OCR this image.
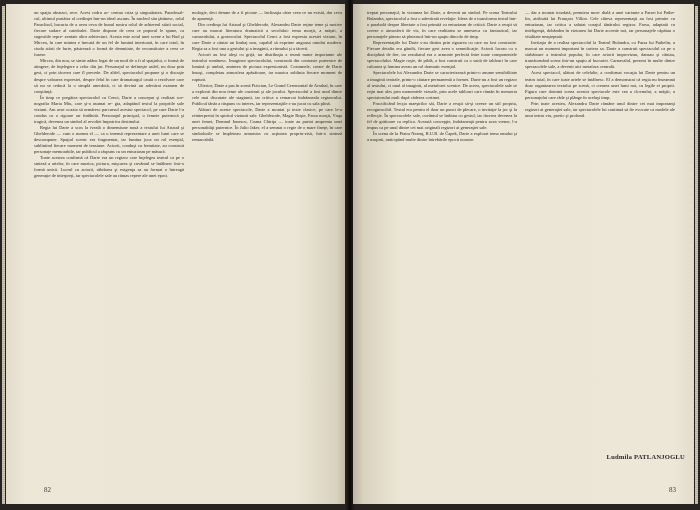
un spaţiu abstract, rece. Acest codru ac- centua criza şi singurătatea. Paradoxal- cul, ultimul purtător al credinţei într-un ideal ascuns. În nucleul său ţărănesc, rolul Paraclisul, bucuria de a avea ceva de bunul nostru rolul de arhiereul stării social, fiecare sudare al catedralei. Darie dispune de ceea ce poporul le spune, ca sugestiile repre- zentate altor arhitecturi. Acesta este actul unei scene a lui Bud şi Mircea, în care mintea e înecată de un fel de lumină interioară, în care totul, în ciuda stării de furie, păstrează o formă de demnitate, de reconstituire a ceea ce fusese.

Mircea, din nou, se simte adânc legat de un mod de a fi al spaţiului, o formă de atingere, de înţelegere a celor din jur. Personajul se defineşte astfel, nu doar prin gest, ci prin tăcerea care îl precede. De altfel, spectacolul propune şi o discuţie despre valoarea expresiei, despre felul în care dramaturgul caută o rezolvare care să nu se reducă la o simplă anecdotă, ci să devină un adevărat examen de conştiinţă.

În timp ce pregătea spectacolul cu Cenci, Darie a conceput şi realizat sce- nografia Maria Miu, care şi-a asumat re- gia, adaptând textul la propriile sale viziuni. Am avut ocazia să urmăresc parcursul acestui spectacol, pe care Darie l-a condus cu o rigoare rar întâlnită. Personajul principal, o femeie puternică şi tragică, devenea un simbol al revoltei împotriva destinului.

Regia lui Darie a scos la iveală o dimensiune nouă a textului lui Artaud şi Ghelderode — cum o numea el — ca o imensă reprezentare a unei lumi care se descompune. Spaţiul scenic era fragmentat, iar lumina juca un rol esenţial, subliniind fiecare moment de tensiune. Actorii, conduşi cu fermitate, au construit personaje memorabile, iar publicul a răspuns cu un entuziasm pe măsură.

Toate acestea confirmă că Darie era un regizor care înţelegea teatrul ca pe o sinteză a artelor, în care muzica, pictura, mişcarea şi cuvântul se întâlnesc într-o formă unică. Lucrul cu actorii, răbdarea şi exigenţa sa au format o întreagă generaţie de interpreţi, iar spectacolele sale au rămas repere ale unei epoci.

mologie, deci demne de a fi pictate — înclinaţia către ceea ce nu există, dar ceva de aparenţă.

Din credinţa lui Artaud şi Ghelderode, Alexandru Darie reţine teme şi motive care au marcat literatura dramatică a secolului: tema morţii, a măştii, a carnavalului, a grotescului. Spectacolul Cenci a fost expresia acestei viziuni, în care Darie a căutat un limbaj nou, capabil să exprime angoasa omului modern. Regia sa a fost una a gestului şi a imaginii, a ritmului şi a tăcerii.

Actorii au fost aleşi cu grijă, iar distribuţia a reunit nume importante ale teatrului românesc. Imaginea spectacolului, construită din contraste puternice de lumină şi umbră, amintea de pictura expresionistă. Costumele, create de Darie însuşi, completau atmosfera apăsătoare, iar muzica sublinia fiecare moment de ruptură.

Ulterior, Darie a pus în scenă Fizician, Le Grand Ceremonial de Arrabal, în care a explorat din nou teme ale cruzimii şi ale jocului. Spectacolul a fost unul dintre cele mai discutate ale stagiunii, iar critica a remarcat îndrăzneala regizorului. Publicul tânăr a răspuns cu interes, iar reprezentaţiile s-au jucat cu sala plină.

Alături de aceste spectacole, Darie a montat şi texte clasice, pe care le-a reinterpretat în spiritul viziunii sale. Ghelderode, Magie Roşie, Farsa morţii, Viaţa unei femei, Domnul Ionescu, Coana Chiriţa — toate au purtat amprenta unei personalităţi puternice. În Julio Jaker, el a semnat o regie de o mare fineţe, în care simbolurile se împleteau armonios cu acţiunea propriu-zisă, într-o sinteză remarcabilă.

82

treptat personajul, în viziunea lui Darie, a devenit un simbol. Pe scena Teatrului Bulandra, spectacolul a fost o adevărată revelaţie. Ideea de a transforma textul într-o parabolă despre libertate a fost primită cu entuziasm de critică. Darie a reuşit să creeze o atmosferă de vis, în care realitatea se amesteca cu fantasticul, iar personajele păreau să plutească într-un spaţiu dincolo de timp.

Reprezentaţiile lui Darie s-au distins prin rigoarea cu care au fost construite. Fiecare detaliu era gândit, fiecare gest avea o semnificaţie. Actorii lucrau cu o disciplină de fier, iar rezultatul era o armonie perfectă între toate componentele spectacolului. Magie roşie, de pildă, a fost construit ca o suită de tablouri în care culoarea şi lumina aveau un rol dramatic esenţial.

Spectacolele lui Alexandru Darie se caracterizează printr-o anume sensibilitate a imaginii teatrale, printr-o căutare permanentă a formei. Darie nu a fost un regizor al textului, ci unul al imaginii, al metaforei scenice. De aceea, spectacolele sale se reţin mai ales prin momentele vizuale, prin acele tablouri care rămân în memoria spectatorului mult după căderea cortinei.

Fructificând lecţia maeştrilor săi, Darie a reuşit să-şi creeze un stil propriu, recognoscibil. Textul era pentru el doar un punct de plecare, o invitaţie la joc şi la reflecţie. În spectacolele sale, cuvântul se îmbina cu gestul, iar tăcerea devenea la fel de grăitoare ca replica. Această concepţie, îndrăzneaţă pentru acea vreme, l-a impus ca pe unul dintre cei mai originali regizori ai generaţiei sale.

În scena de la Piatra Neamţ, R.U.R. de Čapek, Darie a explorat tema omului şi a maşinii, anticipând multe dintre întrebările epocii noastre.

— dar a montat totodată, premiera mon- dială a unei variante a Farsei lui Pathe- lin, atribuită lui François Villon. Cele câteva reprezentaţii au fost primite cu entuziasm, iar critica a salutat curajul tânărului regizor. Farsa, adaptată cu inteligenţă, dobândea în viziunea lui Darie accente noi, iar personajele căpătau o vitalitate neaşteptată.

Invitaţia de a realiza spectacolul la Teatrul Bulandra, cu Farsa lui Pathelin, a marcat un moment important în cariera sa. Darie a construit spectacolul ca pe o sărbătoare a teatrului popular, în care actorii improvizau, dansau şi cântau, transformând scena într-un spaţiu al bucuriei. Carnavalul, prezent în multe dintre spectacolele sale, a devenit aici metafora centrală.

Acest spectacol, alături de celelalte, a confirmat vocaţia lui Darie pentru un teatru total, în care toate artele se întâlnesc. El a demonstrat că regia nu înseamnă doar organizarea textului pe scenă, ci crearea unei lumi noi, cu legile ei proprii. Figura care domină scena acestor spectacole este cea a clovnului, a măştii, a personajului care râde şi plânge în acelaşi timp.

Prin toate acestea, Alexandru Darie rămâne unul dintre cei mai importanţi regizori ai generaţiei sale, iar spectacolele lui continuă să fie evocate ca modele ale unui teatru viu, poetic şi profund.

Ludmila PATLANJOGLU
83
